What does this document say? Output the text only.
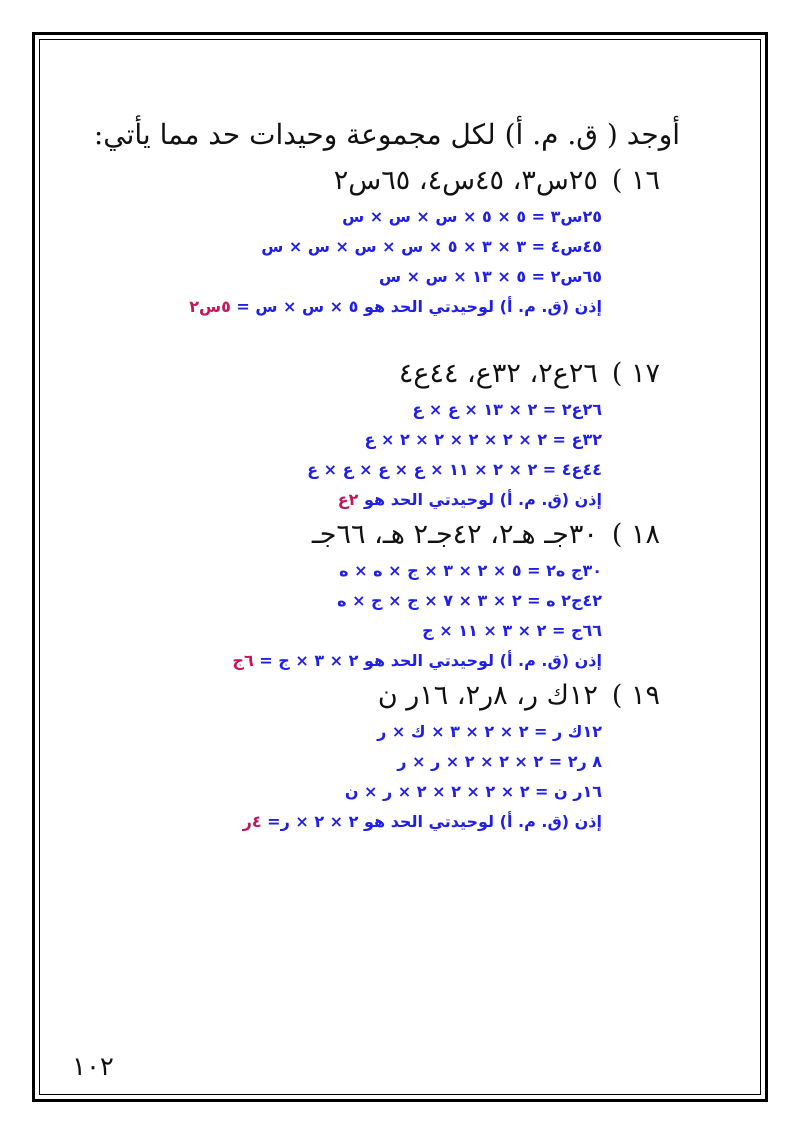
أوجد ( ق. م. أ) لكل مجموعة وحيدات حد مما يأتي:
١٦ )٢٥س٣، ٤٥س٤، ٦٥س٢
٢٥س٣ = ٥ × ٥ × س × س × س
٤٥س٤ = ٣ × ٣ × ٥ × س × س × س × س
٦٥س٢ = ٥ × ١٣ × س × س
إذن (ق. م. أ) لوحيدتي الحد هو ٥ × س × س = ٥س٢
١٧ )٢٦ع٢، ٣٢ع، ٤٤ع٤
٢٦ع٢ = ٢ × ١٣ × ع × ع
٣٢ع = ٢ × ٢ × ٢ × ٢ × ٢ × ع
٤٤ع٤ = ٢ × ٢ × ١١ × ع × ع × ع × ع
إذن (ق. م. أ) لوحيدتي الحد هو ٢ع
١٨ )٣٠جـ هـ٢، ٤٢جـ٢ هـ، ٦٦جـ
٣٠ج ه٢ = ٥ × ٢ × ٣ × ج × ه × ه
٤٢ج٢ ه = ٢ × ٣ × ٧ × ج × ج × ه
٦٦ج = ٢ × ٣ × ١١ × ج
إذن (ق. م. أ) لوحيدتي الحد هو ٢ × ٣ × ج = ٦ج
١٩ )١٢ك ر، ٨ر٢، ١٦ر ن
١٢ك ر = ٢ × ٢ × ٣ × ك × ر
٨ ر٢ = ٢ × ٢ × ٢ × ر × ر
١٦ر ن = ٢ × ٢ × ٢ × ٢ × ر × ن
إذن (ق. م. أ) لوحيدتي الحد هو ٢ × ٢ × ر= ٤ر
١٠٢
